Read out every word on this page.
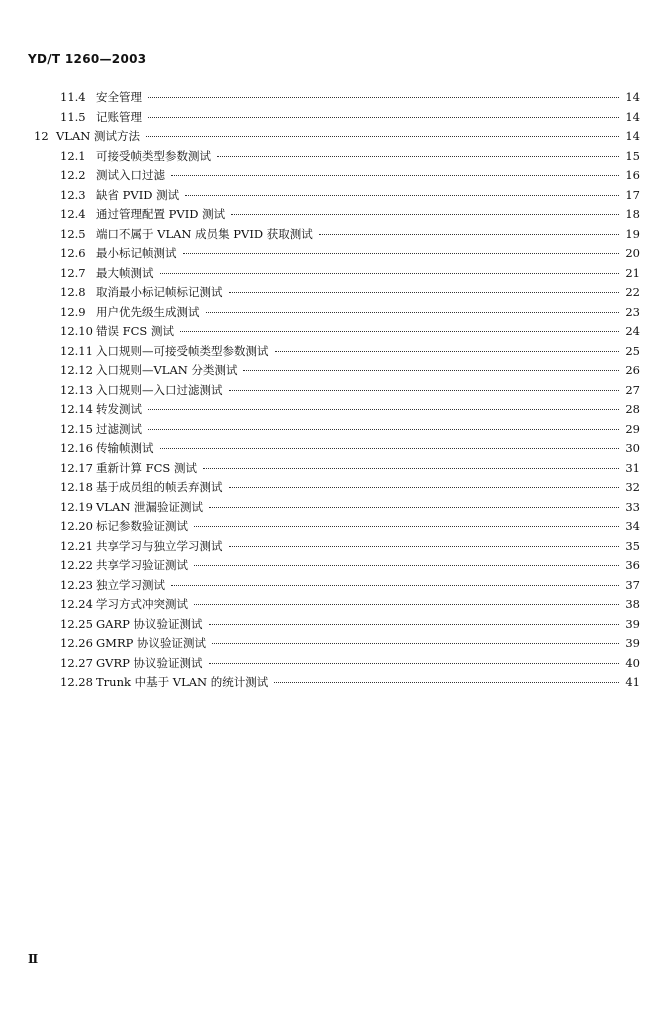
YD/T 1260—2003
11.4 安全管理	14
11.5 记账管理	14
12 VLAN 测试方法	14
12.1 可接受帧类型参数测试	15
12.2 测试入口过滤	16
12.3 缺省 PVID 测试	17
12.4 通过管理配置 PVID 测试	18
12.5 端口不属于 VLAN 成员集 PVID 获取测试	19
12.6 最小标记帧测试	20
12.7 最大帧测试	21
12.8 取消最小标记帧标记测试	22
12.9 用户优先级生成测试	23
12.10 错误 FCS 测试	24
12.11 入口规则—可接受帧类型参数测试	25
12.12 入口规则—VLAN 分类测试	26
12.13 入口规则—入口过滤测试	27
12.14 转发测试	28
12.15 过滤测试	29
12.16 传输帧测试	30
12.17 重新计算 FCS 测试	31
12.18 基于成员组的帧丢弃测试	32
12.19 VLAN 泄漏验证测试	33
12.20 标记参数验证测试	34
12.21 共享学习与独立学习测试	35
12.22 共享学习验证测试	36
12.23 独立学习测试	37
12.24 学习方式冲突测试	38
12.25 GARP 协议验证测试	39
12.26 GMRP 协议验证测试	39
12.27 GVRP 协议验证测试	40
12.28 Trunk 中基于 VLAN 的统计测试	41
Ⅱ
